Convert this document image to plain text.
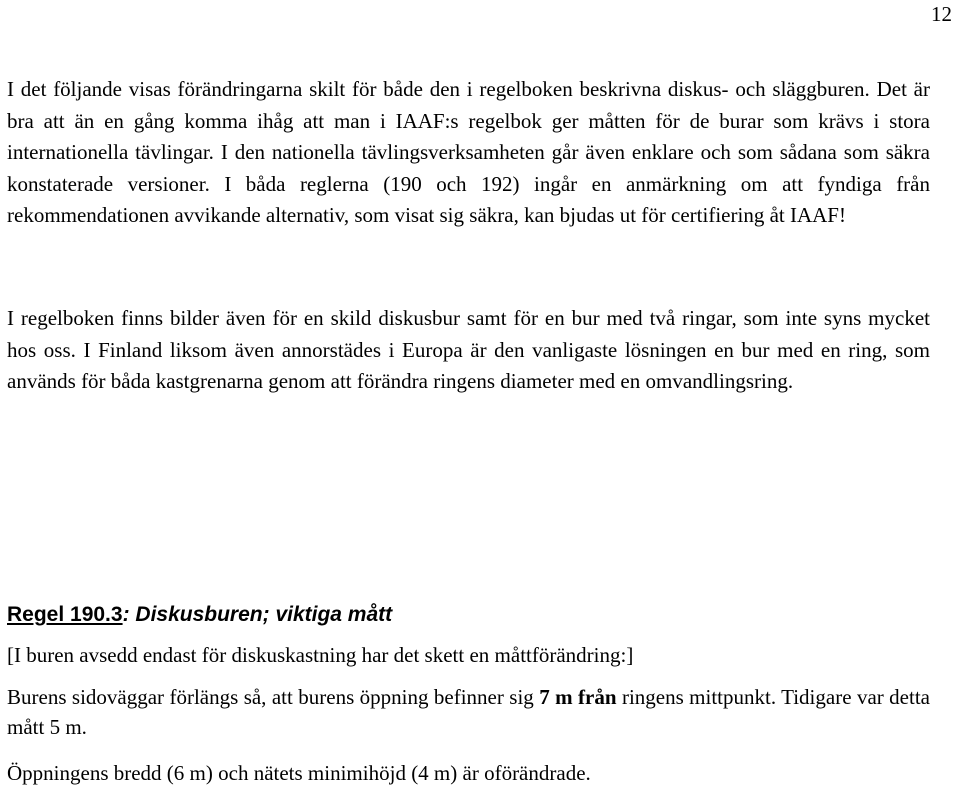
12

I det följande visas förändringarna skilt för både den i regelboken beskrivna diskus- och släggburen. Det är bra att än en gång komma ihåg att man i IAAF:s regelbok ger måtten för de burar som krävs i stora internationella tävlingar. I den nationella tävlingsverksamheten går även enklare och som sådana som säkra konstaterade versioner. I båda reglerna (190 och 192) ingår en anmärkning om att fyndiga från rekommendationen avvikande alternativ, som visat sig säkra, kan bjudas ut för certifiering åt IAAF!

I regelboken finns bilder även för en skild diskusbur samt för en bur med två ringar, som inte syns mycket hos oss. I Finland liksom även annorstädes i Europa är den vanligaste lösningen en bur med en ring, som används för båda kastgrenarna genom att förändra ringens diameter med en omvandlingsring.

Regel 190.3: Diskusburen; viktiga mått

[I buren avsedd endast för diskuskastning har det skett en måttförändring:]

Burens sidoväggar förlängs så, att burens öppning befinner sig 7 m från ringens mittpunkt. Tidigare var detta mått 5 m.

Öppningens bredd (6 m) och nätets minimihöjd (4 m) är oförändrade.
